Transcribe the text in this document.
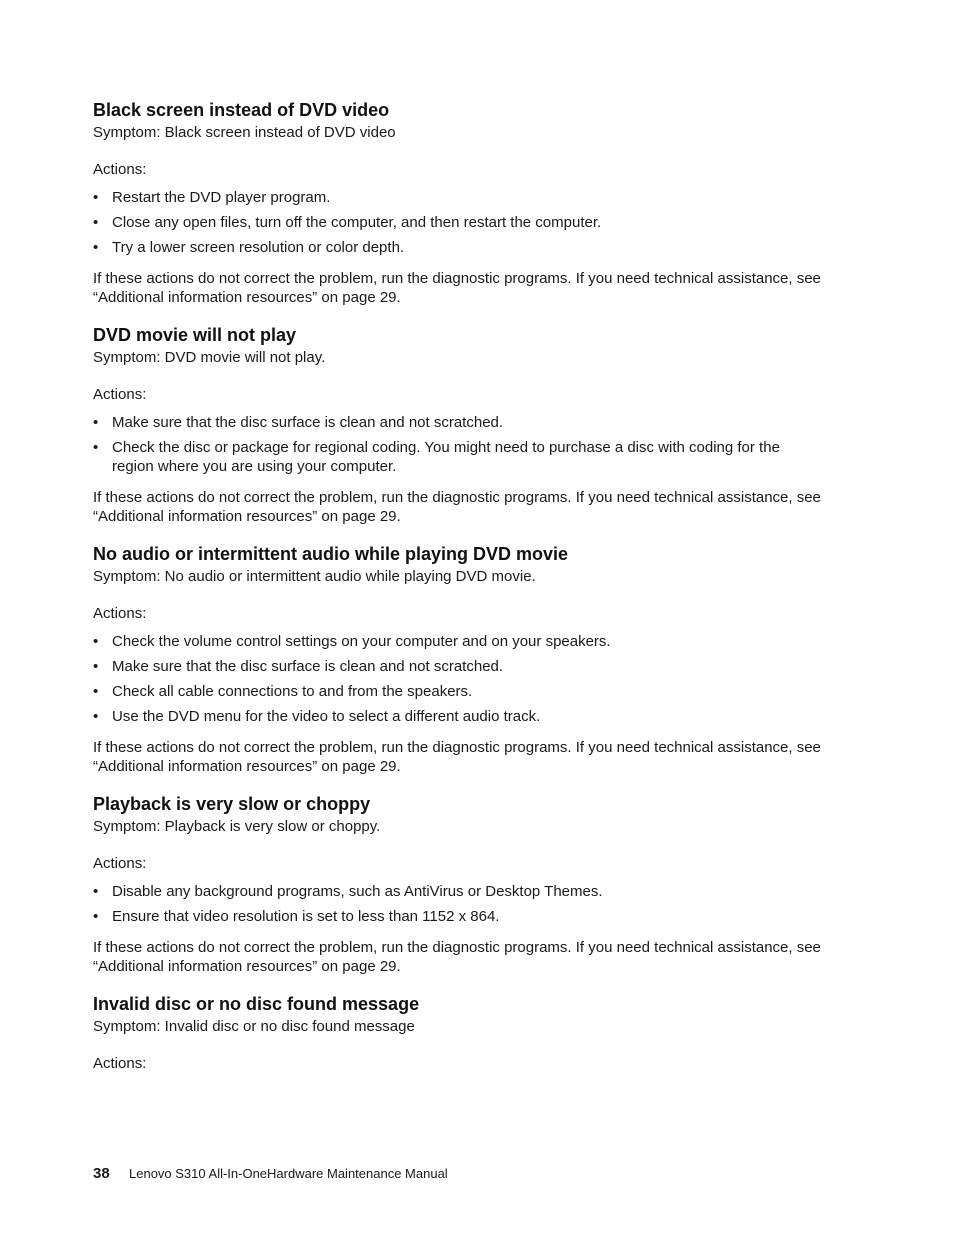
Black screen instead of DVD video

Symptom: Black screen instead of DVD video

Actions:

• Restart the DVD player program.
• Close any open files, turn off the computer, and then restart the computer.
• Try a lower screen resolution or color depth.

If these actions do not correct the problem, run the diagnostic programs. If you need technical assistance, see “Additional information resources” on page 29.

DVD movie will not play

Symptom: DVD movie will not play.

Actions:

• Make sure that the disc surface is clean and not scratched.
• Check the disc or package for regional coding. You might need to purchase a disc with coding for the region where you are using your computer.

If these actions do not correct the problem, run the diagnostic programs. If you need technical assistance, see “Additional information resources” on page 29.

No audio or intermittent audio while playing DVD movie

Symptom: No audio or intermittent audio while playing DVD movie.

Actions:

• Check the volume control settings on your computer and on your speakers.
• Make sure that the disc surface is clean and not scratched.
• Check all cable connections to and from the speakers.
• Use the DVD menu for the video to select a different audio track.

If these actions do not correct the problem, run the diagnostic programs. If you need technical assistance, see “Additional information resources” on page 29.

Playback is very slow or choppy

Symptom: Playback is very slow or choppy.

Actions:

• Disable any background programs, such as AntiVirus or Desktop Themes.
• Ensure that video resolution is set to less than 1152 x 864.

If these actions do not correct the problem, run the diagnostic programs. If you need technical assistance, see “Additional information resources” on page 29.

Invalid disc or no disc found message

Symptom: Invalid disc or no disc found message

Actions:

38	Lenovo S310 All-In-OneHardware Maintenance Manual
